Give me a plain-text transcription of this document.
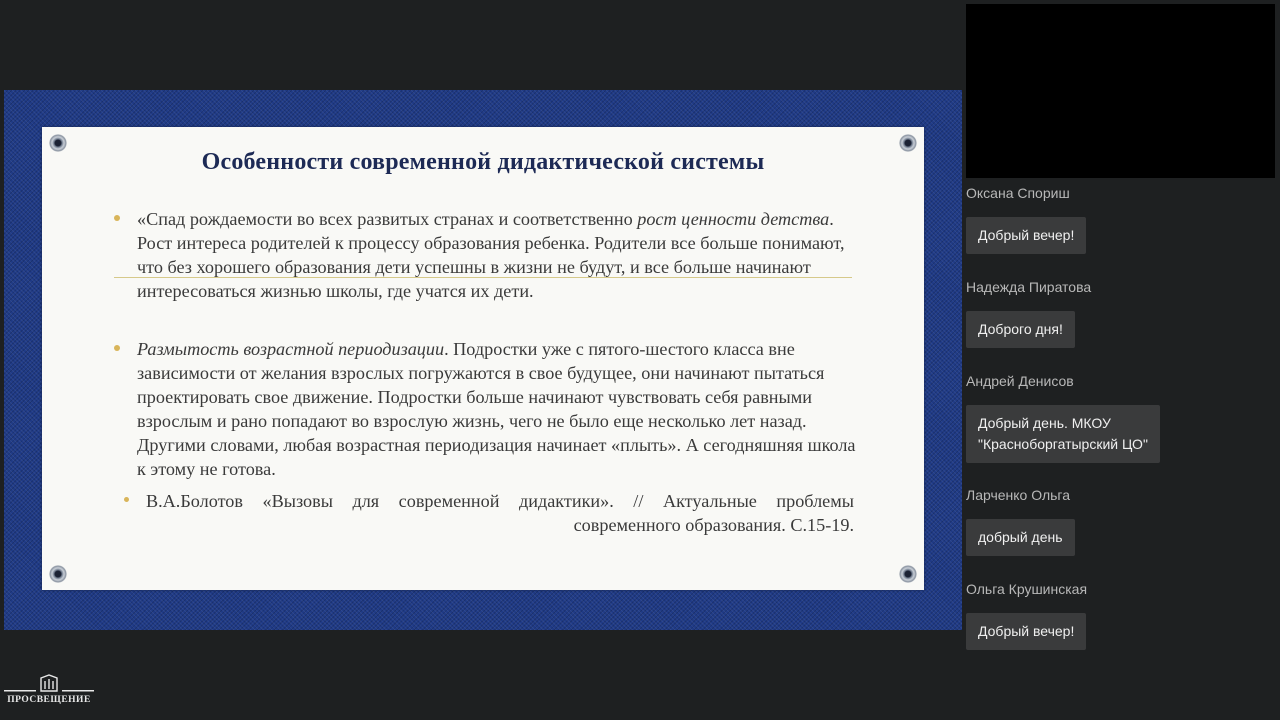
Особенности современной дидактической системы
«Спад рождаемости во всех развитых странах и соответственно рост ценности детства. Рост интереса родителей к процессу образования ребенка. Родители все больше понимают, что без хорошего образования дети успешны в жизни не будут, и все больше начинают интересоваться жизнью школы, где учатся их дети.
Размытость возрастной периодизации. Подростки уже с пятого-шестого класса вне зависимости от желания взрослых погружаются в свое будущее, они начинают пытаться проектировать свое движение. Подростки больше начинают чувствовать себя равными взрослым и рано попадают во взрослую жизнь, чего не было еще несколько лет назад. Другими словами, любая возрастная периодизация начинает «плыть». А сегодняшняя школа к этому не готова.
В.А.Болотов «Вызовы для современной дидактики». // Актуальные проблемы современного образования. С.15-19.
Оксана Спориш
Добрый вечер!
Надежда Пиратова
Доброго дня!
Андрей Денисов
Добрый день. МКОУ
"Красноборгатырский ЦО"
Ларченко Ольга
добрый день
Ольга Крушинская
Добрый вечер!
ПРОСВЕЩЕНИЕ
